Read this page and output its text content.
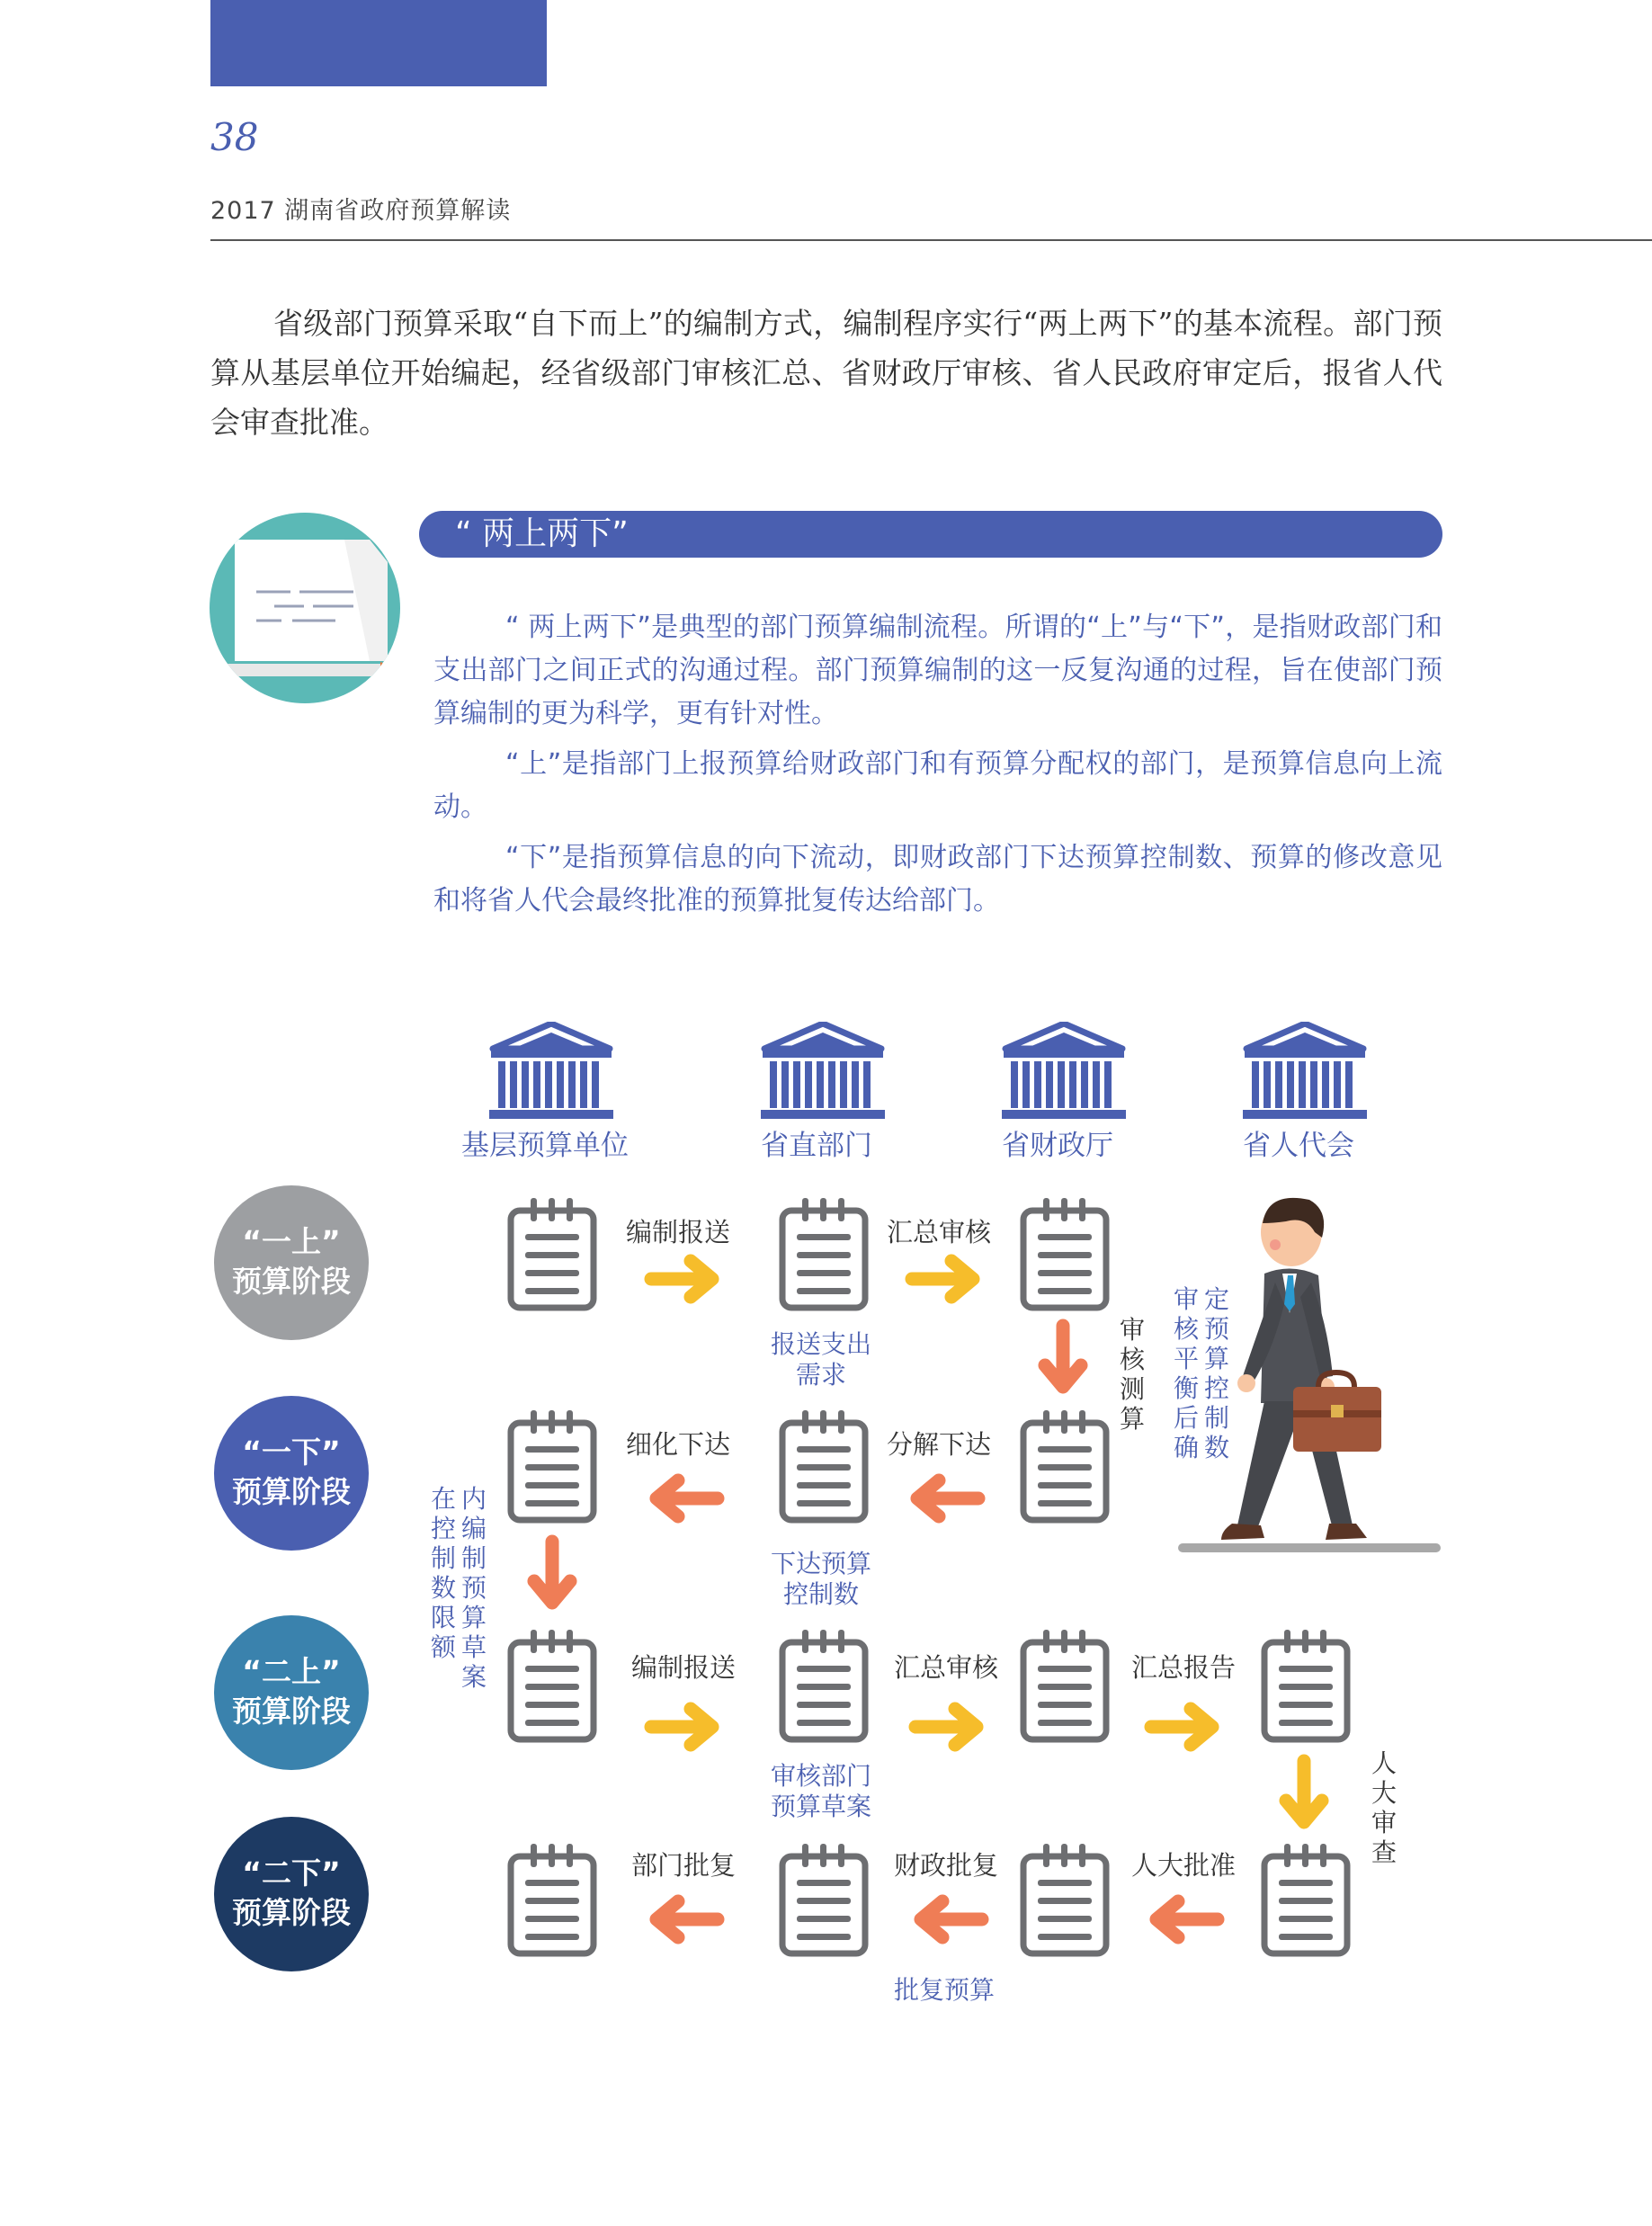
38
2017 湖南省政府预算解读
省级部门预算采取“自下而上”的编制方式，编制程序实行“两上两下”的基本流程。部门预算从基层单位开始编起，经省级部门审核汇总、省财政厅审核、省人民政府审定后，报省人代会审查批准。
“ 两上两下”
“ 两上两下”是典型的部门预算编制流程。所谓的“上”与“下”，是指财政部门和支出部门之间正式的沟通过程。部门预算编制的这一反复沟通的过程，旨在使部门预算编制的更为科学，更有针对性。
“上”是指部门上报预算给财政部门和有预算分配权的部门，是预算信息向上流动。
“下”是指预算信息的向下流动，即财政部门下达预算控制数、预算的修改意见和将省人代会最终批准的预算批复传达给部门。
基层预算单位	省直部门	省财政厅	省人代会
“一上”
预算阶段
“一下”
预算阶段
“二上”
预算阶段
“二下”
预算阶段
编制报送	汇总审核
报送支出需求
审核测算
审核平衡后确
定预算控制数
细化下达	分解下达
下达预算控制数
在控制数限额
内编制预算草案	编制报送	汇总审核	汇总报告
审核部门预算草案
人大审查
部门批复	财政批复	人大批准
批复预算
